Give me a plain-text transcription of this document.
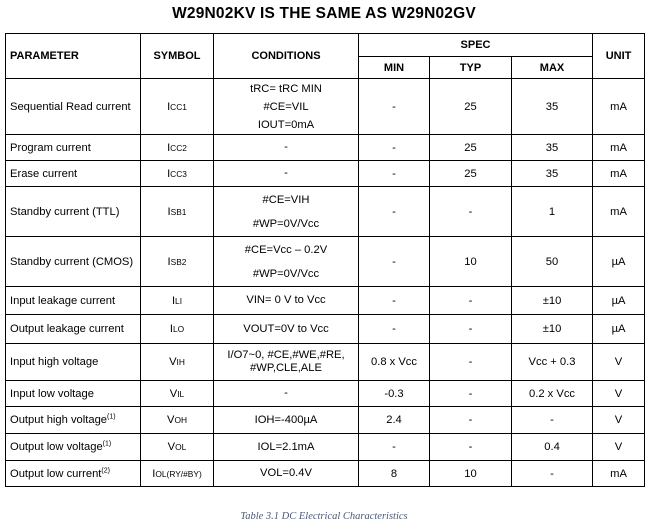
W29N02KV IS THE SAME AS W29N02GV
PARAMETER	SYMBOL	CONDITIONS	SPEC			UNIT
			MIN	TYP	MAX	
Sequential Read current	ICC1	tRC= tRC MIN
#CE=VIL
IOUT=0mA	-	25	35	mA
Program current	ICC2	-	-	25	35	mA
Erase current	ICC3	-	-	25	35	mA
Standby current (TTL)	ISB1	#CE=VIH
#WP=0V/Vcc	-	-	1	mA
Standby current (CMOS)	ISB2	#CE=Vcc – 0.2V
#WP=0V/Vcc	-	10	50	µA
Input leakage current	ILI	VIN= 0 V to Vcc	-	-	±10	µA
Output leakage current	ILO	VOUT=0V to Vcc	-	-	±10	µA
Input high voltage	VIH	I/O7~0, #CE,#WE,#RE,
#WP,CLE,ALE	0.8 x Vcc	-	Vcc + 0.3	V
Input low voltage	VIL	-	-0.3	-	0.2 x Vcc	V
Output high voltage$^{(1)}$	VOH	IOH=-400µA	2.4	-	-	V
Output low voltage$^{(1)}$	VOL	IOL=2.1mA	-	-	0.4	V
Output low current$^{(2)}$	IOL(RY/#BY)	VOL=0.4V	8	10	-	mA
Table 3.1 DC Electrical Characteristics
